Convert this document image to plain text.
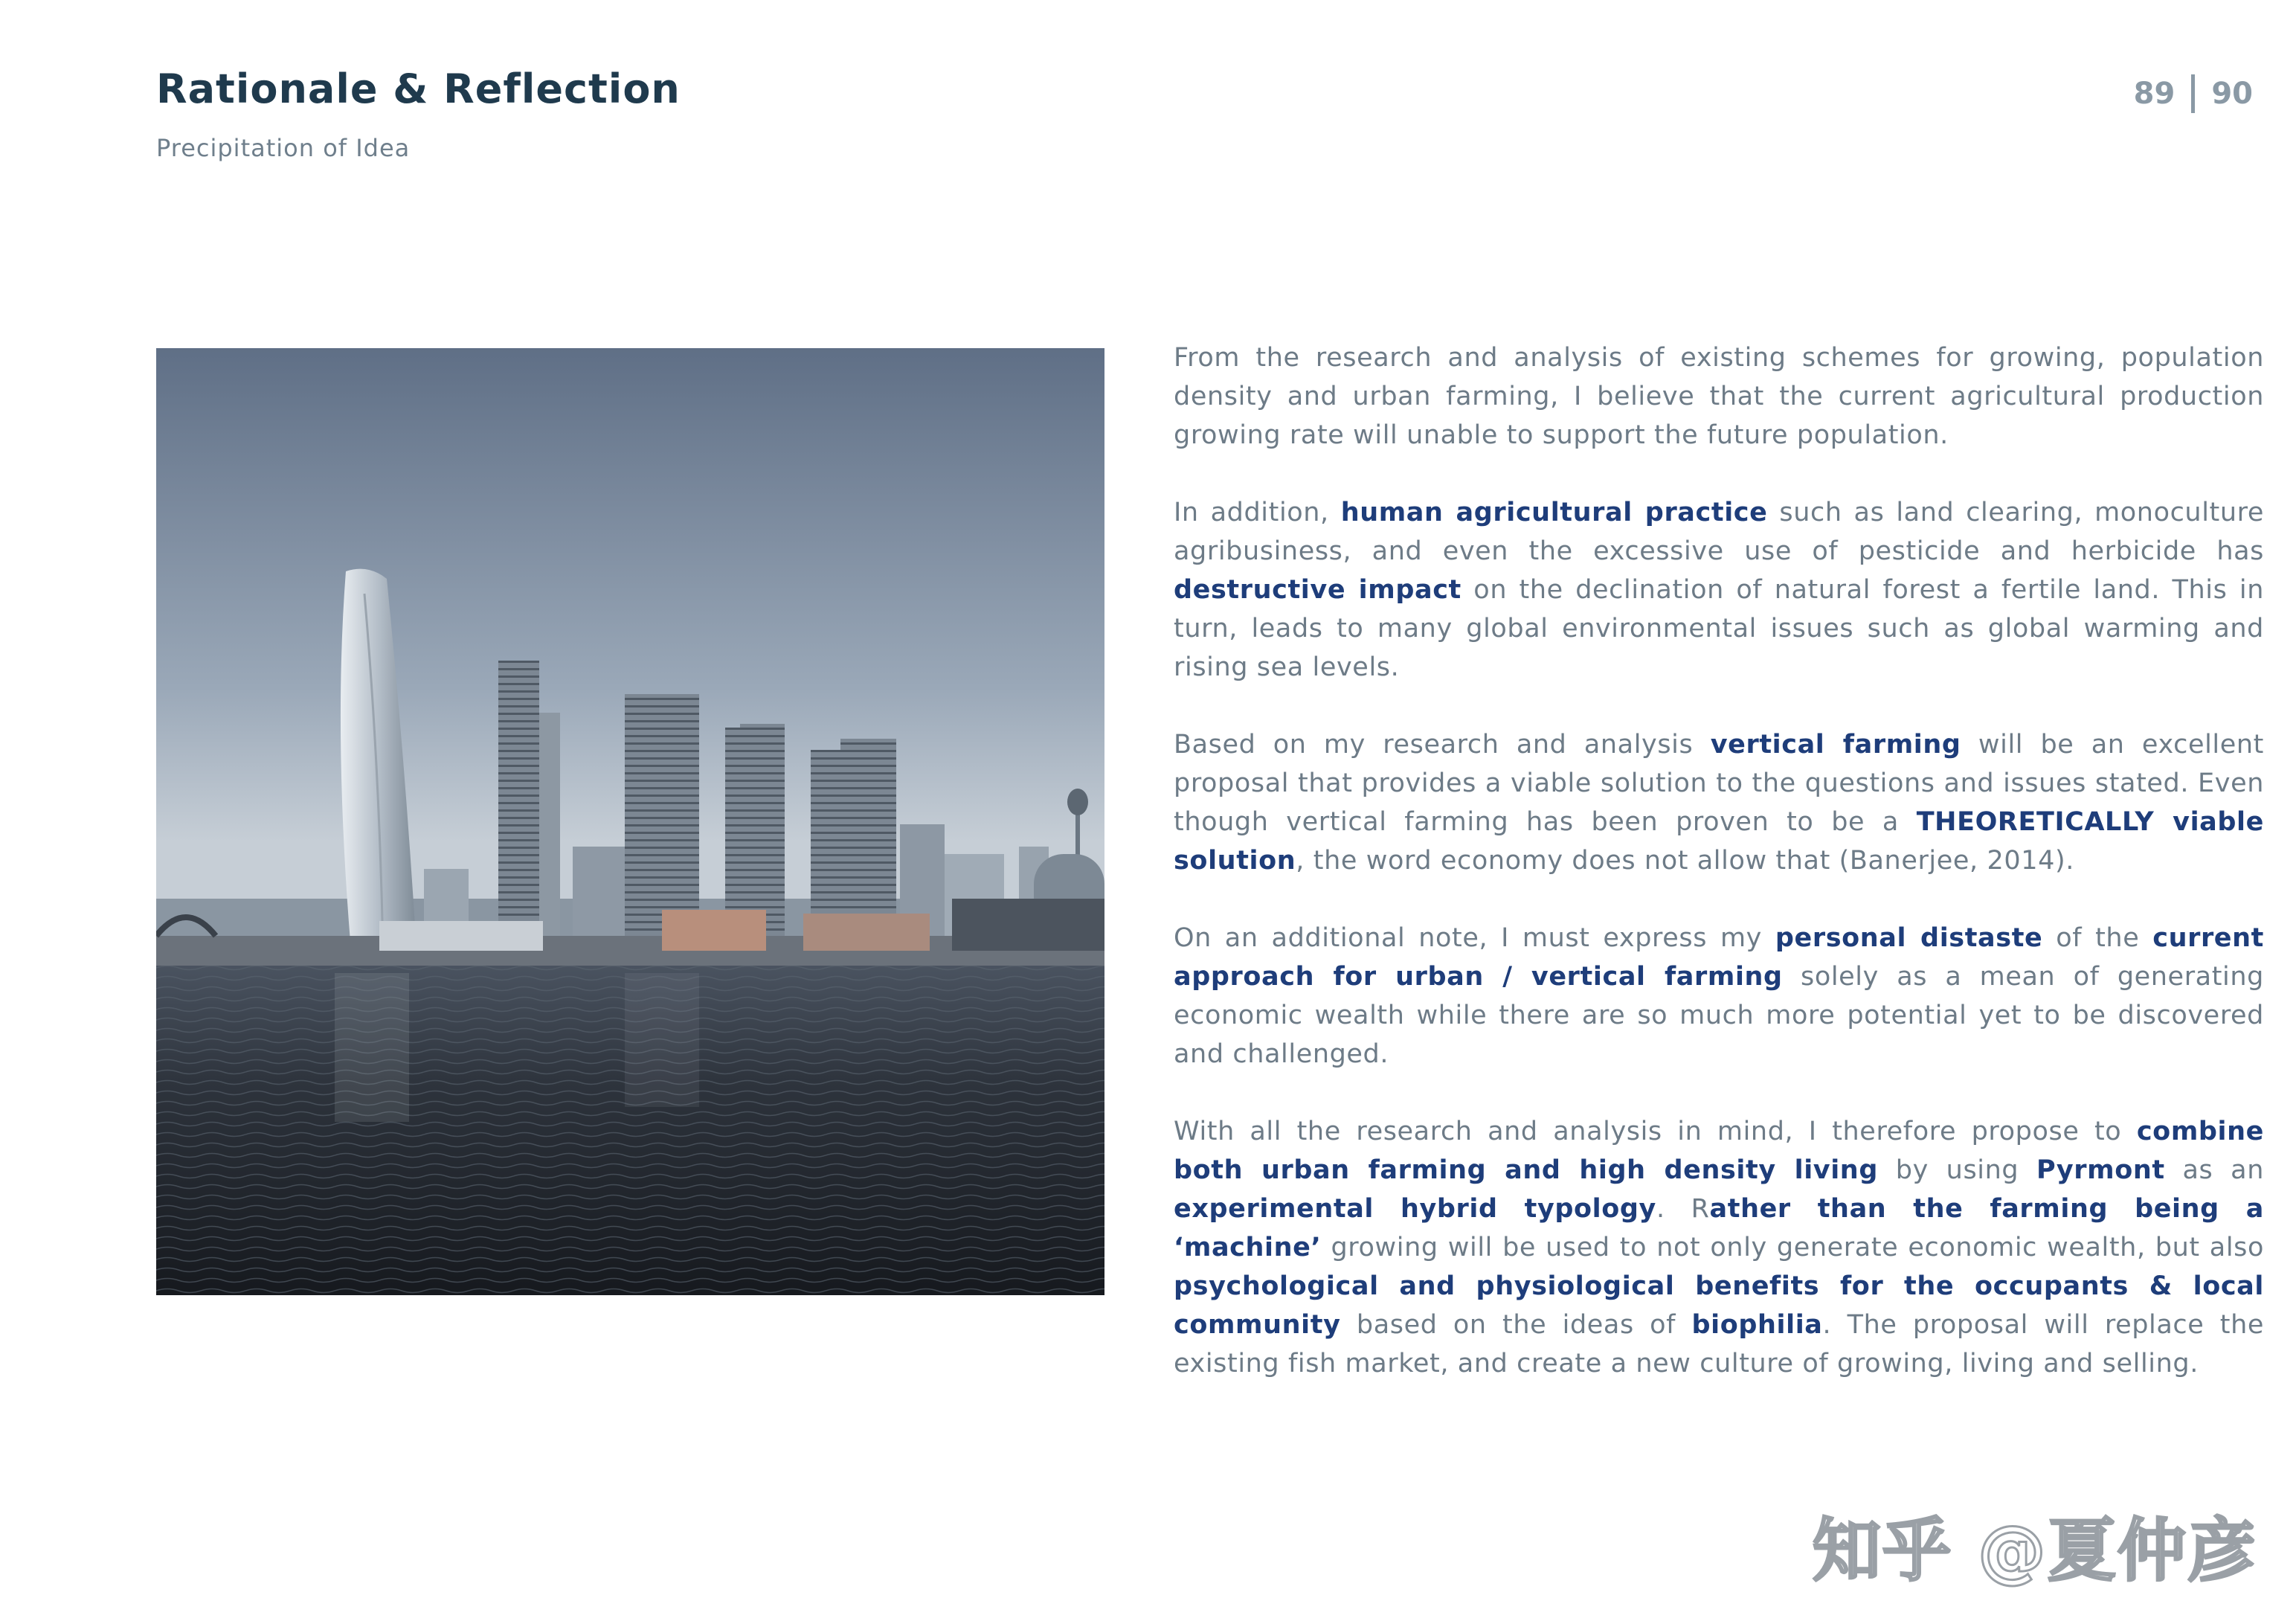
Rationale & Reflection
Precipitation of Idea
89 90

From the research and analysis of existing schemes for growing, population density and urban farming, I believe that the current agricultural production growing rate will unable to support the future population.

In addition, human agricultural practice such as land clearing, monoculture agribusiness, and even the excessive use of pesticide and herbicide has destructive impact on the declination of natural forest a fertile land. This in turn, leads to many global environmental issues such as global warming and rising sea levels.

Based on my research and analysis vertical farming will be an excellent proposal that provides a viable solution to the questions and issues stated. Even though vertical farming has been proven to be a THEORETICALLY viable solution, the word economy does not allow that (Banerjee, 2014).

On an additional note, I must express my personal distaste of the current approach for urban / vertical farming solely as a mean of generating economic wealth while there are so much more potential yet to be discovered and challenged.

With all the research and analysis in mind, I therefore propose to combine both urban farming and high density living by using Pyrmont as an experimental hybrid typology. Rather than the farming being a ‘machine’ growing will be used to not only generate economic wealth, but also psychological and physiological benefits for the occupants & local community based on the ideas of biophilia. The proposal will replace the existing fish market, and create a new culture of growing, living and selling.

知乎 @夏仲彦
